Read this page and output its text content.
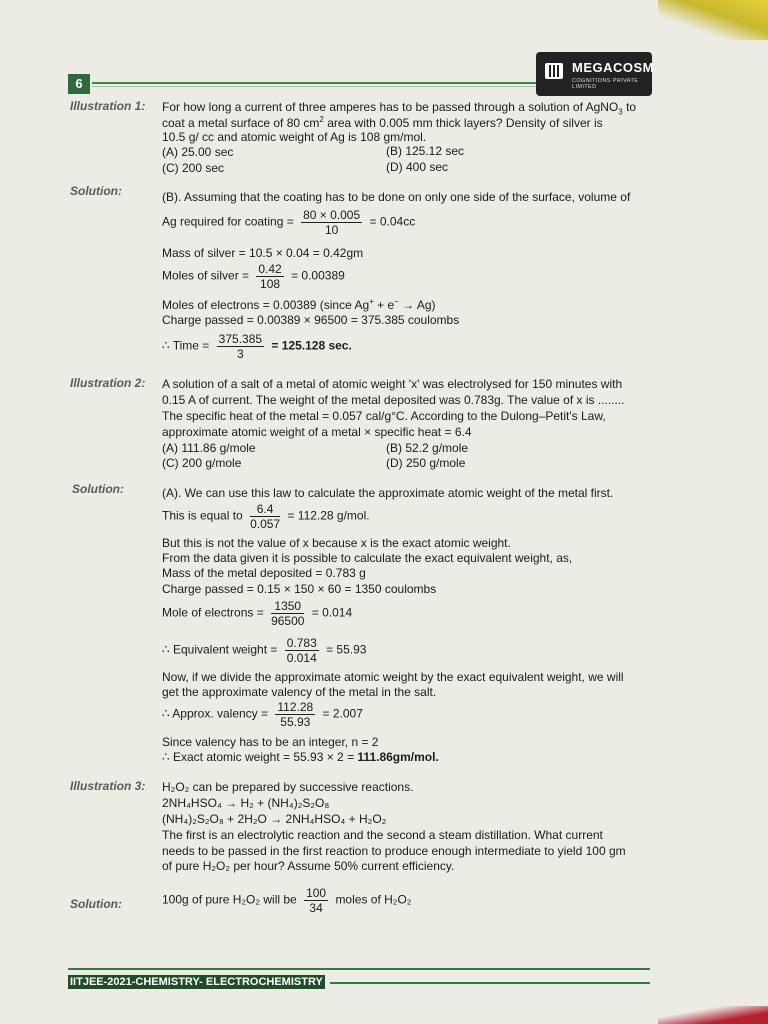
6
MEGACOSM
COGNITIONS PRIVATE LIMITED
Illustration 1: For how long a current of three amperes has to be passed through a solution of AgNO$_3$ to
coat a metal surface of 80 $cm^2$ area with 0.005 mm thick layers? Density of silver is
10.5 g/ cc and atomic weight of Ag is 108 gm/mol.
(A) 25.00 sec	(B) 125.12 sec
(C) 200 sec	(D) 400 sec
Solution:	(B). Assuming that the coating has to be done on only one side of the surface, volume of
Ag required for coating = $\frac{80 \times 0.005}{10} = 0.04cc$
Mass of silver = 10.5 × 0.04 = 0.42gm
Moles of silver = $\frac{0.42}{108} = 0.00389$
Moles of electrons = 0.00389 (since Ag+ + e− → Ag)
Charge passed = 0.00389 × 96500 = 375.385 coulombs
∴ Time = $\frac{375.385}{3} = 125.128$ sec.
Illustration 2: A solution of a salt of a metal of atomic weight 'x' was electrolysed for 150 minutes with
0.15 A of current. The weight of the metal deposited was 0.783g. The value of x is ........
The specific heat of the metal = 0.057 cal/g°C. According to the Dulong–Petit's Law,
approximate atomic weight of a metal × specific heat = 6.4
(A) 111.86 g/mole	(B) 52.2 g/mole
(C) 200 g/mole	(D) 250 g/mole
Solution:	(A). We can use this law to calculate the approximate atomic weight of the metal first.
This is equal to $\frac{6.4}{0.057} = 112.28$ g/mol.
But this is not the value of x because x is the exact atomic weight.
From the data given it is possible to calculate the exact equivalent weight, as,
Mass of the metal deposited = 0.783 g
Charge passed = 0.15 × 150 × 60 = 1350 coulombs
Mole of electrons = $\frac{1350}{96500} = 0.014$
∴ Equivalent weight = $\frac{0.783}{0.014} = 55.93$
Now, if we divide the approximate atomic weight by the exact equivalent weight, we will
get the approximate valency of the metal in the salt.
∴ Approx. valency = $\frac{112.28}{55.93} = 2.007$
Since valency has to be an integer, n = 2
∴ Exact atomic weight = 55.93 × 2 = 111.86gm/mol.
Illustration 3: H₂O₂ can be prepared by successive reactions.
2NH₄HSO₄ → H₂ + (NH₄)₂S₂O₈
(NH₄)₂S₂O₈ + 2H₂O → 2NH₄HSO₄ + H₂O₂
The first is an electrolytic reaction and the second a steam distillation. What current
needs to be passed in the first reaction to produce enough intermediate to yield 100 gm
of pure H₂O₂ per hour? Assume 50% current efficiency.
Solution:	100g of pure H₂O₂ will be $\frac{100}{34}$ moles of H₂O₂
IITJEE-2021-CHEMISTRY- ELECTROCHEMISTRY
